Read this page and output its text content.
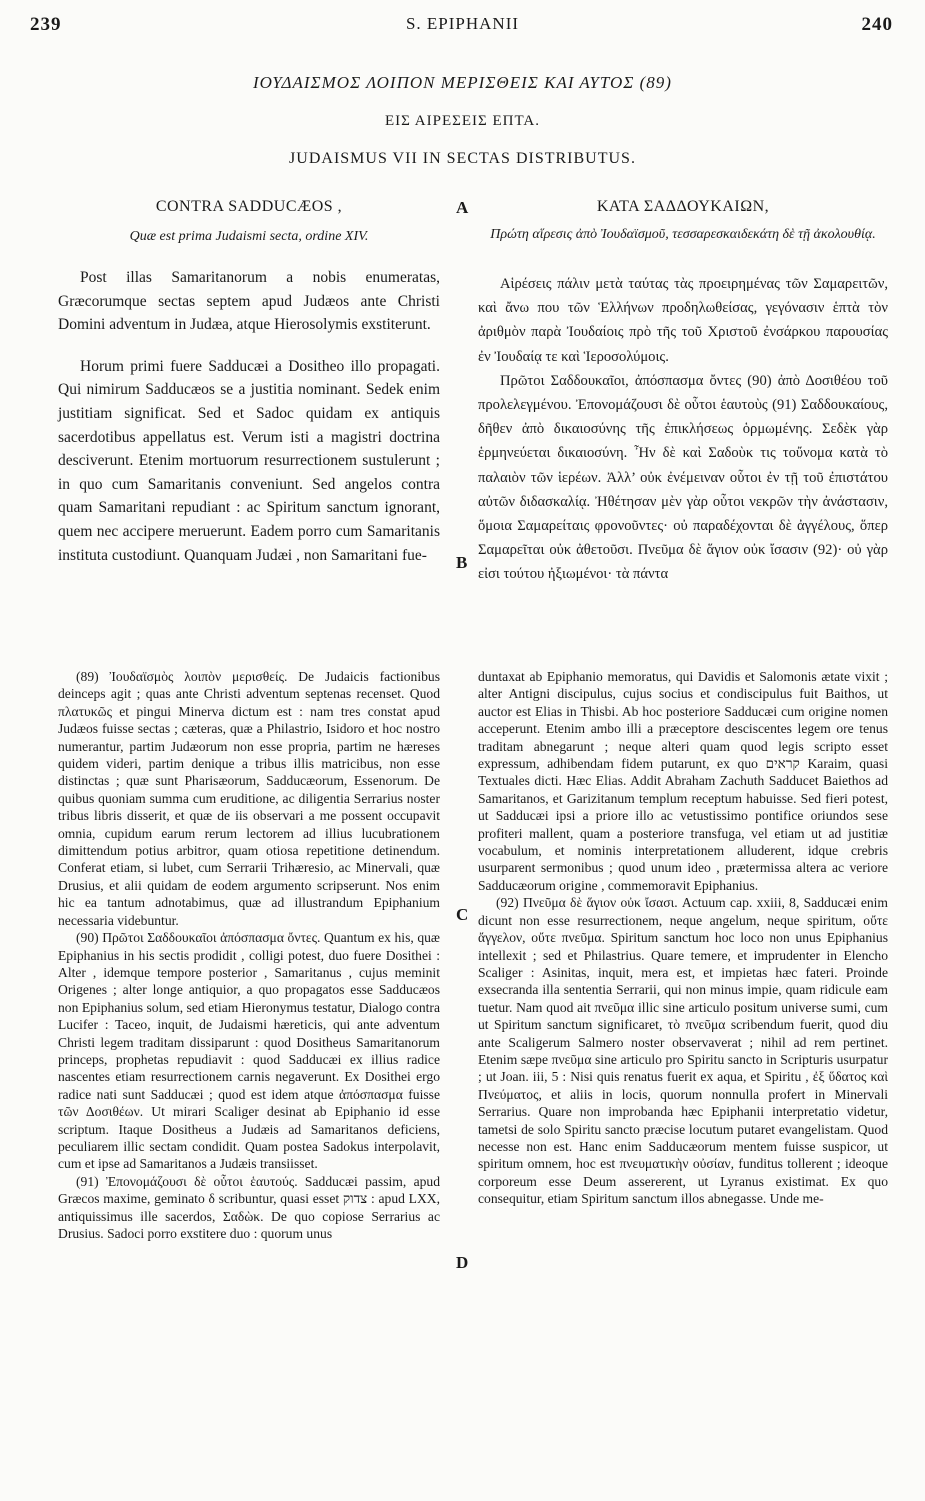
239	S. EPIPHANII	240
ΙΟΥΔΑΙΣΜΟΣ ΛΟΙΠΟΝ ΜΕΡΙΣΘΕΙΣ ΚΑΙ ΑΥΤΟΣ (89)
ΕΙΣ ΑΙΡΕΣΕΙΣ ΕΠΤΑ.
JUDAISMUS VII IN SECTAS DISTRIBUTUS.
CONTRA SADDUCÆOS ,
Quæ est prima Judaismi secta, ordine XIV.
ΚΑΤΑ ΣΑΔΔΟΥΚΑΙΩΝ,
Πρώτη αἵρεσις ἀπὸ Ἰουδαϊσμοῦ, τεσσαρεσκαιδεκάτη δὲ τῇ ἀκολουθίᾳ.
A
B
C
D

Post illas Samaritanorum a nobis enumeratas, Græcorumque sectas septem apud Judæos ante Christi Domini adventum in Judæa, atque Hierosolymis exstiterunt.

Horum primi fuere Sadducæi a Dositheo illo propagati. Qui nimirum Sadducæos se a justitia nominant. Sedek enim justitiam significat. Sed et Sadoc quidam ex antiquis sacerdotibus appellatus est. Verum isti a magistri doctrina desciverunt. Etenim mortuorum resurrectionem sustulerunt ; in quo cum Samaritanis conveniunt. Sed angelos contra quam Samaritani repudiant : ac Spiritum sanctum ignorant, quem nec accipere meruerunt. Eadem porro cum Samaritanis instituta custodiunt. Quanquam Judæi , non Samaritani fue-

Αἱρέσεις πάλιν μετὰ ταύτας τὰς προειρημένας τῶν Σαμαρειτῶν, καὶ ἄνω που τῶν Ἑλλήνων προδηλωθείσας, γεγόνασιν ἑπτὰ τὸν ἀριθμὸν παρὰ Ἰουδαίοις πρὸ τῆς τοῦ Χριστοῦ ἐνσάρκου παρουσίας ἐν Ἰουδαίᾳ τε καὶ Ἱεροσολύμοις.

Πρῶτοι Σαδδουκαῖοι, ἀπόσπασμα ὄντες (90) ἀπὸ Δοσιθέου τοῦ προλελεγμένου. Ἐπονομάζουσι δὲ οὗτοι ἑαυτοὺς (91) Σαδδουκαίους, δῆθεν ἀπὸ δικαιοσύνης τῆς ἐπικλήσεως ὁρμωμένης. Σεδὲκ γὰρ ἑρμηνεύεται δικαιοσύνη. Ἦν δὲ καὶ Σαδοὺκ τις τοὔνομα κατὰ τὸ παλαιὸν τῶν ἱερέων. Ἀλλ’ οὐκ ἐνέμειναν οὗτοι ἐν τῇ τοῦ ἐπιστάτου αὐτῶν διδασκαλίᾳ. Ἠθέτησαν μὲν γὰρ οὗτοι νεκρῶν τὴν ἀνάστασιν, ὅμοια Σαμαρείταις φρονοῦντες· οὐ παραδέχονται δὲ ἀγγέλους, ὅπερ Σαμαρεῖται οὐκ ἀθετοῦσι. Πνεῦμα δὲ ἅγιον οὐκ ἴσασιν (92)· οὐ γὰρ εἰσι τούτου ἠξιωμένοι· τὰ πάντα

(89) Ἰουδαϊσμὸς λοιπὸν μερισθείς. De Judaicis factionibus deinceps agit ; quas ante Christi adventum septenas recenset. Quod πλατυκῶς et pingui Minerva dictum est : nam tres constat apud Judæos fuisse sectas ; cæteras, quæ a Philastrio, Isidoro et hoc nostro numerantur, partim Judæorum non esse propria, partim ne hæreses quidem videri, partim denique a tribus illis matricibus, non esse distinctas ; quæ sunt Pharisæorum, Sadducæorum, Essenorum. De quibus quoniam summa cum eruditione, ac diligentia Serrarius noster tribus libris disserit, et quæ de iis observari a me possent occupavit omnia, cupidum earum rerum lectorem ad illius lucubrationem dimittendum potius arbitror, quam otiosa repetitione detinendum. Conferat etiam, si lubet, cum Serrarii Trihæresio, ac Minervali, quæ Drusius, et alii quidam de eodem argumento scripserunt. Nos enim hic ea tantum adnotabimus, quæ ad illustrandum Epiphanium necessaria videbuntur.

(90) Πρῶτοι Σαδδουκαῖοι ἀπόσπασμα ὄντες. Quantum ex his, quæ Epiphanius in his sectis prodidit , colligi potest, duo fuere Dosithei : Alter , idemque tempore posterior , Samaritanus , cujus meminit Origenes ; alter longe antiquior, a quo propagatos esse Sadducæos non Epiphanius solum, sed etiam Hieronymus testatur, Dialogo contra Lucifer : Taceo, inquit, de Judaismi hæreticis, qui ante adventum Christi legem traditam dissiparunt : quod Dositheus Samaritanorum princeps, prophetas repudiavit : quod Sadducæi ex illius radice nascentes etiam resurrectionem carnis negaverunt. Ex Dosithei ergo radice nati sunt Sadducæi ; quod est idem atque ἀπόσπασμα fuisse τῶν Δοσιθέων. Ut mirari Scaliger desinat ab Epiphanio id esse scriptum. Itaque Dositheus a Judæis ad Samaritanos deficiens, peculiarem illic sectam condidit. Quam postea Sadokus interpolavit, cum et ipse ad Samaritanos a Judæis transiisset.

(91) Ἐπονομάζουσι δὲ οὗτοι ἑαυτούς. Sadducæi passim, apud Græcos maxime, geminato δ scribuntur, quasi esset צדוק : apud LXX, antiquissimus ille sacerdos, Σαδὼκ. De quo copiose Serrarius ac Drusius. Sadoci porro exstitere duo : quorum unus

duntaxat ab Epiphanio memoratus, qui Davidis et Salomonis ætate vixit ; alter Antigni discipulus, cujus socius et condiscipulus fuit Baithos, ut auctor est Elias in Thisbi. Ab hoc posteriore Sadducæi cum origine nomen acceperunt. Etenim ambo illi a præceptore desciscentes legem ore tenus traditam abnegarunt ; neque alteri quam quod legis scripto esset expressum, adhibendam fidem putarunt, ex quo קראים Karaim, quasi Textuales dicti. Hæc Elias. Addit Abraham Zachuth Sadducet Baiethos ad Samaritanos, et Garizitanum templum receptum habuisse. Sed fieri potest, ut Sadducæi ipsi a priore illo ac vetustissimo pontifice oriundos sese profiteri mallent, quam a posteriore transfuga, vel etiam ut ad justitiæ vocabulum, et nominis interpretationem alluderent, idque crebris usurparent sermonibus ; quod unum ideo , prætermissa altera ac veriore Sadducæorum origine , commemoravit Epiphanius.

(92) Πνεῦμα δὲ ἅγιον οὐκ ἴσασι. Actuum cap. xxiii, 8, Sadducæi enim dicunt non esse resurrectionem, neque angelum, neque spiritum, οὔτε ἄγγελον, οὔτε πνεῦμα. Spiritum sanctum hoc loco non unus Epiphanius intellexit ; sed et Philastrius. Quare temere, et imprudenter in Elencho Scaliger : Asinitas, inquit, mera est, et impietas hæc fateri. Proinde exsecranda illa sententia Serrarii, qui non minus impie, quam ridicule eam tuetur. Nam quod ait πνεῦμα illic sine articulo positum universe sumi, cum ut Spiritum sanctum significaret, τὸ πνεῦμα scribendum fuerit, quod diu ante Scaligerum Salmero noster observaverat ; nihil ad rem pertinet. Etenim sæpe πνεῦμα sine articulo pro Spiritu sancto in Scripturis usurpatur ; ut Joan. iii, 5 : Nisi quis renatus fuerit ex aqua, et Spiritu , ἐξ ὕδατος καὶ Πνεύματος, et aliis in locis, quorum nonnulla profert in Minervali Serrarius. Quare non improbanda hæc Epiphanii interpretatio videtur, tametsi de solo Spiritu sancto præcise locutum putaret evangelistam. Quod necesse non est. Hanc enim Sadducæorum mentem fuisse suspicor, ut spiritum omnem, hoc est πνευματικὴν οὐσίαν, funditus tollerent ; ideoque corporeum esse Deum assererent, ut Lyranus existimat. Ex quo consequitur, etiam Spiritum sanctum illos abnegasse. Unde me-
